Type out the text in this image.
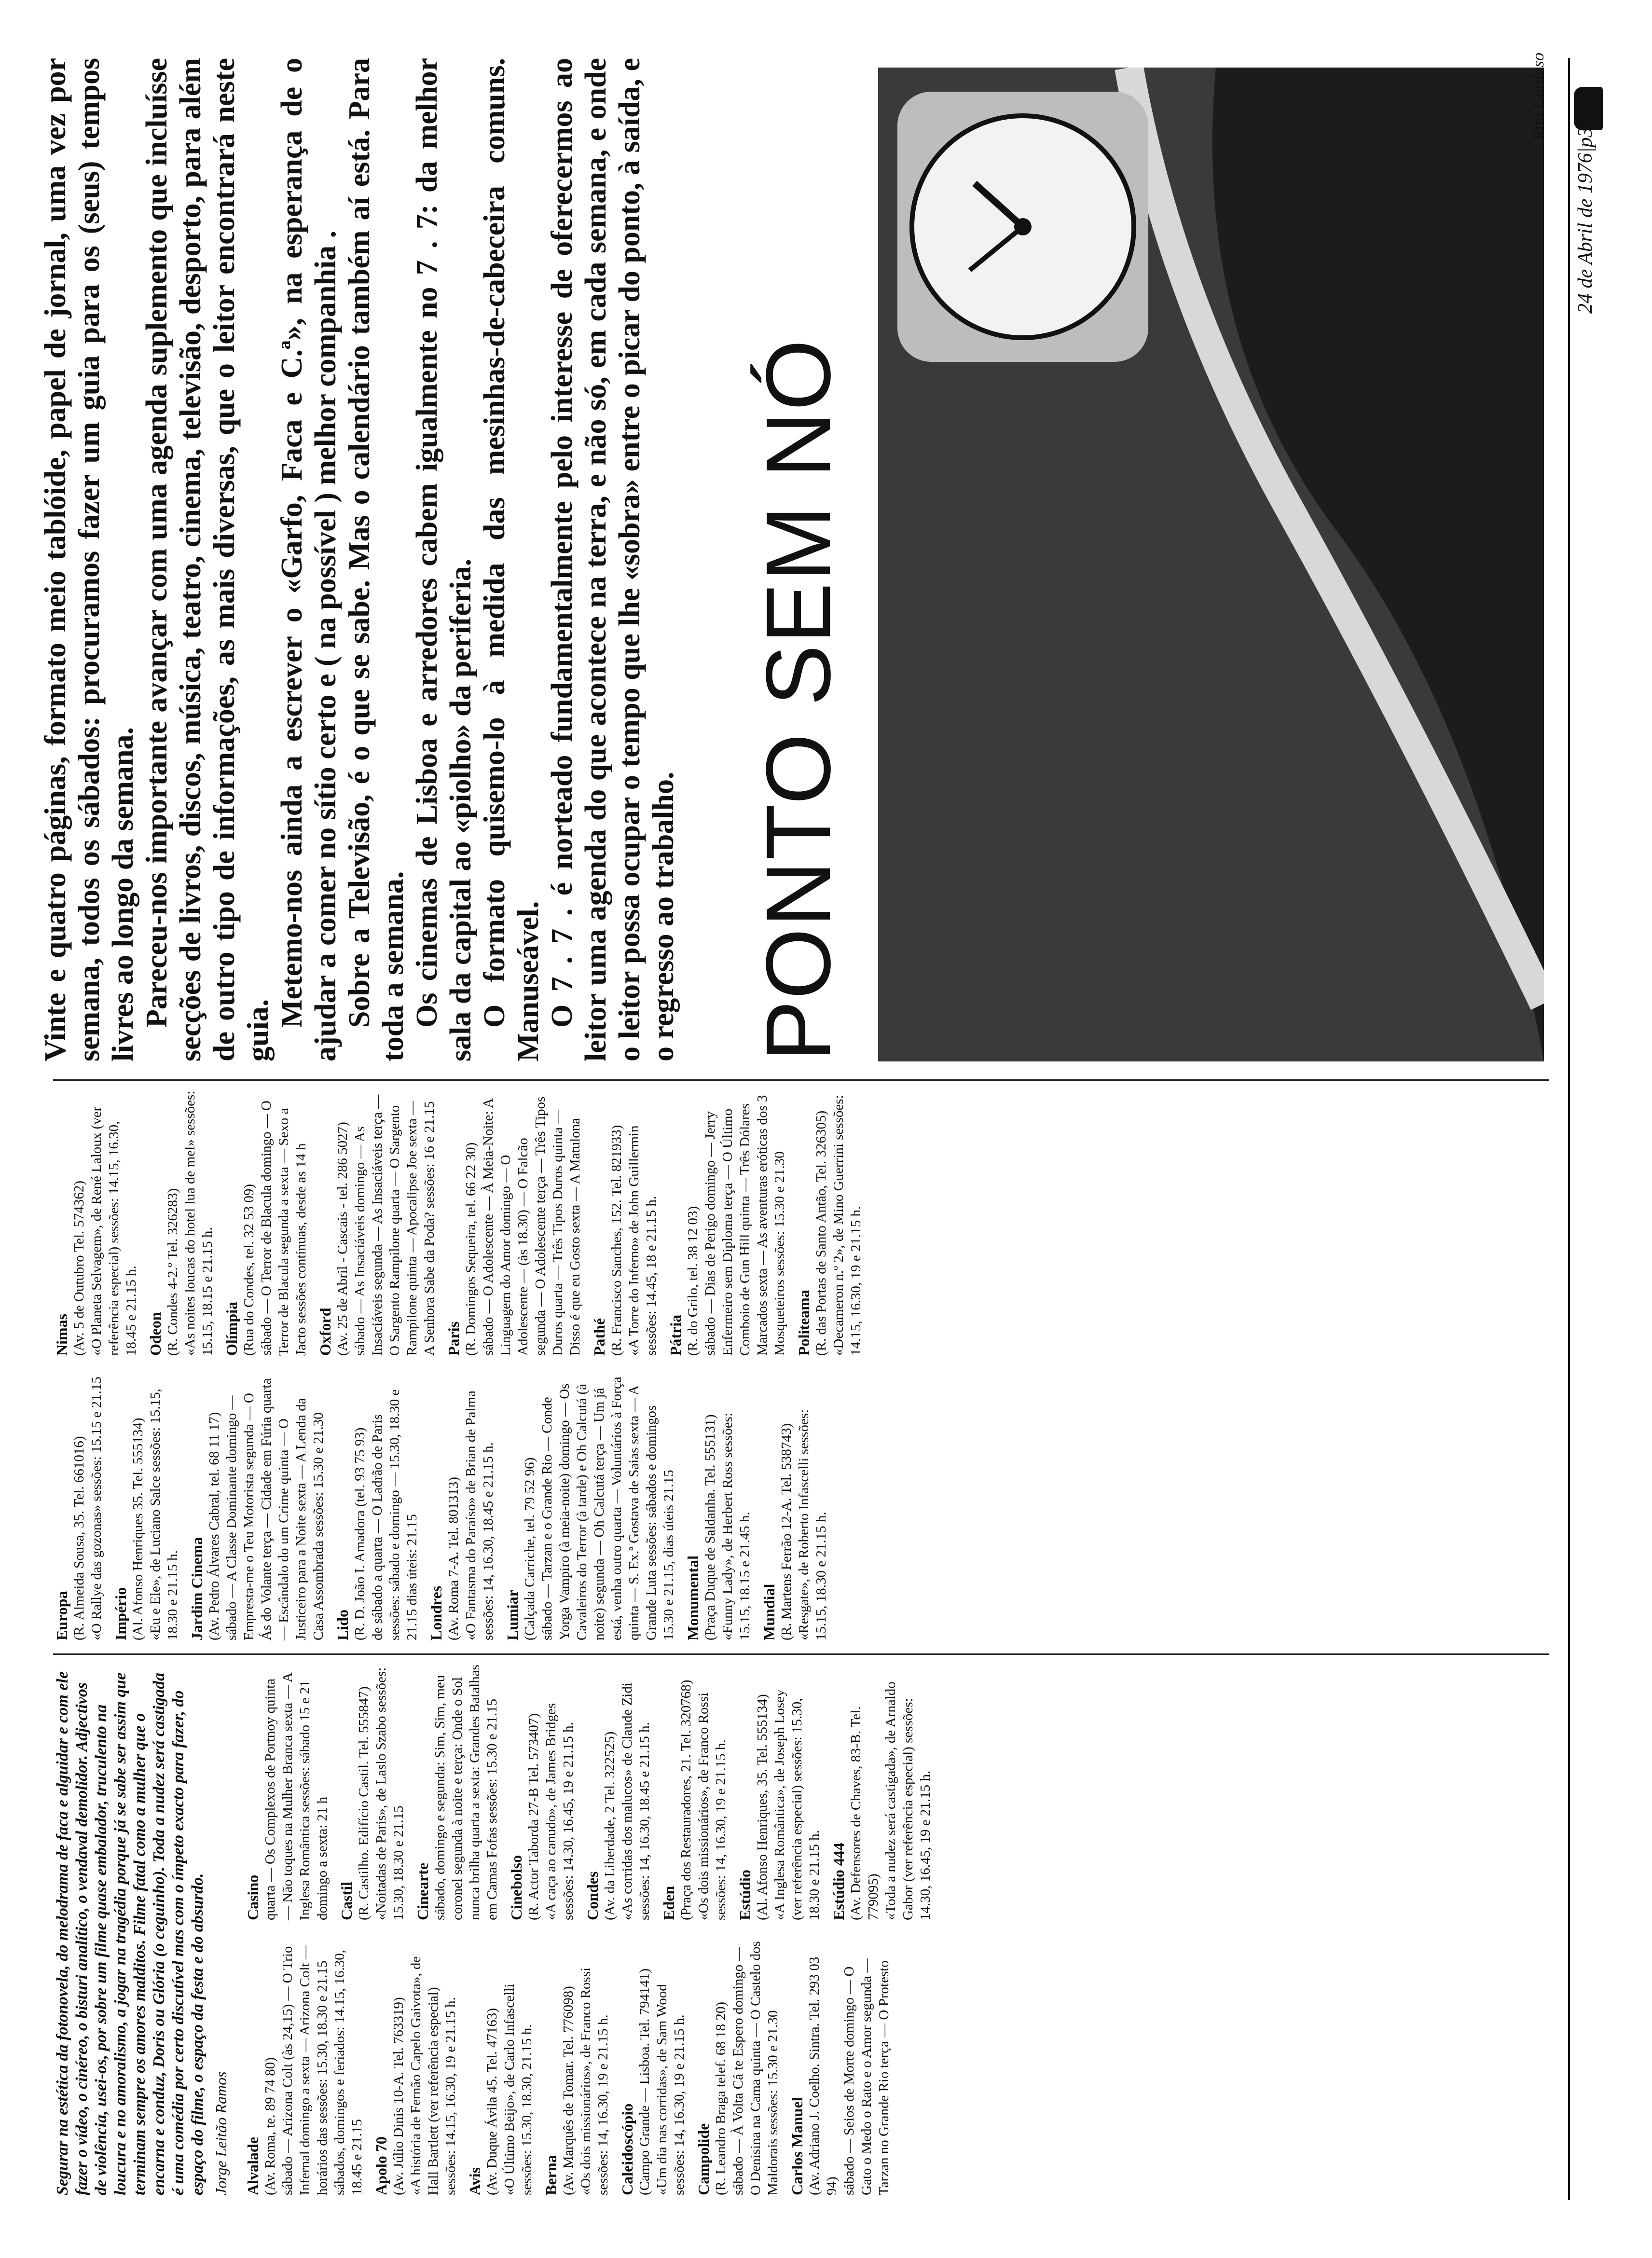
24 de Abril de 1976|p3
Segurar na estética da fotonovela, do melodrama de faca e alguidar e com ele fazer o vídeo, o cinéreo, o bisturi analítico, o vendaval demolidor. Adjectivos de violência, usei-os, por sobre um filme quase embalador, truculento na loucura e no amoralismo, a jogar na tragédia porque já se sabe ser assim que terminam sempre os amores malditos. Filme fatal como a mulher que o encarna e conduz, Doris ou Glória (o ceguinho). Toda a nudez será castigada é uma comédia por certo discutível mas com o ímpeto exacto para fazer, do espaço do filme, o espaço da festa e do absurdo. Jorge Leitão Ramos Alvalade (Av. Roma, te. 89 74 80) sábado — Arizona Colt (às 24,15) — O Trio Infernal domingo a sexta — Arizona Colt — horários das sessões: 15.30, 18.30 e 21.15 sábados, domingos e feriados: 14.15, 16.30, 18.45 e 21.15 Apolo 70 (Av. Júlio Dinis 10-A. Tel. 763319) «A história de Fernão Capelo Gaivota», de Hall Bartlett (ver referência especial) sessões: 14.15, 16.30, 19 e 21.15 h. Avis (Av. Duque Ávila 45. Tel. 47163) «O Último Beijo», de Carlo Infascelli sessões: 15.30, 18.30, 21.15 h. Berna (Av. Marquês de Tomar. Tel. 776098) «Os dois missionários», de Franco Rossi sessões: 14, 16.30, 19 e 21.15 h. Caleidoscópio (Campo Grande — Lisboa. Tel. 794141) «Um dia nas corridas», de Sam Wood sessões: 14, 16.30, 19 e 21.15 h. Campolide (R. Leandro Braga telef. 68 18 20) sábado — À Volta Cá te Espero domingo — O Denisina na Cama quinta — O Castelo dos Maldorais sessões: 15.30 e 21.30 Carlos Manuel (Av. Adriano J. Coelho. Sintra. Tel. 293 03 94) sábado — Seios de Morte domingo — O Gato o Medo o Rato e o Amor segunda — Tarzan no Grande Rio terça — O Protesto
Casino quarta — Os Complexos de Portnoy quinta — Não toques na Mulher Branca sexta — A Inglesa Romântica sessões: sábado 15 e 21 domingo a sexta: 21 h Castil (R. Castilho. Edifício Castil. Tel. 555847) «Noitadas de Paris», de Laslo Szabo sessões: 15.30, 18.30 e 21.15 Cinearte sábado, domingo e segunda: Sim, Sim, meu coronel segunda à noite e terça: Onde o Sol nunca brilha quarta a sexta: Grandes Batalhas em Camas Fofas sessões: 15.30 e 21.15 Cinebolso (R. Actor Taborda 27-B Tel. 573407) «A caça ao canudo», de James Bridges sessões: 14.30, 16.45, 19 e 21.15 h. Condes (Av. da Liberdade, 2 Tel. 322525) «As corridas dos malucos» de Claude Zidi sessões: 14, 16.30, 18.45 e 21.15 h. Eden (Praça dos Restauradores, 21. Tel. 320768) «Os dois missionários», de Franco Rossi sessões: 14, 16.30, 19 e 21.15 h. Estúdio (Al. Afonso Henriques, 35. Tel. 555134) «A Inglesa Romântica», de Joseph Losey (ver referência especial) sessões: 15.30, 18.30 e 21.15 h. Estúdio 444 (Av. Defensores de Chaves, 83-B. Tel. 779095) «Toda a nudez será castigada», de Arnaldo Gabor (ver referência especial) sessões: 14.30, 16.45, 19 e 21.15 h.
Europa (R. Almeida Sousa, 35. Tel. 661016) «O Rallye das gozonas» sessões: 15.15 e 21.15 Império (Al. Afonso Henriques 35. Tel. 555134) «Eu e Ele», de Luciano Salce sessões: 15.15, 18.30 e 21.15 h. Jardim Cinema (Av. Pedro Álvares Cabral, tel. 68 11 17) sábado — A Classe Dominante domingo — Empresta-me o Teu Motorista segunda — O Ás do Volante terça — Cidade em Fúria quarta — Escândalo do um Crime quinta — O Justiceiro para a Noite sexta — A Lenda da Casa Assombrada sessões: 15.30 e 21.30 Lido (R. D. João I. Amadora (tel. 93 75 93) de sábado a quarta — O Ladrão de Paris sessões: sábado e domingo — 15.30, 18.30 e 21.15 dias úteis: 21.15 Londres (Av. Roma 7-A. Tel. 801313) «O Fantasma do Paraíso» de Brian de Palma sessões: 14, 16.30, 18.45 e 21.15 h. Lumiar (Calçada Carriche, tel. 79 52 96) sábado — Tarzan e o Grande Rio — Conde Yorga Vampiro (à meia-noite) domingo — Os Cavaleiros do Terror (à tarde) e Oh Calcutá (à noite) segunda — Oh Calcutá terça — Um já está, venha outro quarta — Voluntários à Força quinta — S. Ex.ª Gostava de Saias sexta — A Grande Luta sessões: sábados e domingos 15.30 e 21.15, dias úteis 21.15 Monumental (Praça Duque de Saldanha. Tel. 555131) «Funny Lady», de Herbert Ross sessões: 15.15, 18.15 e 21.45 h. Mundial (R. Martens Ferrão 12-A. Tel. 538743) «Resgate», de Roberto Infascelli sessões: 15.15, 18.30 e 21.15 h.
Nimas (Av. 5 de Outubro Tel. 574362) «O Planeta Selvagem», de René Laloux (ver referência especial) sessões: 14.15, 16.30, 18.45 e 21.15 h. Odeon (R. Condes 4-2.º Tel. 326283) «As noites loucas do hotel lua de mel» sessões: 15.15, 18.15 e 21.15 h. Olímpia (Rua do Condes, tel. 32 53 09) sábado — O Terror de Blacula domingo — O Terror de Blacula segunda a sexta — Sexo a Jacto sessões contínuas, desde as 14 h Oxford (Av. 25 de Abril - Cascais - tel. 286 5027) sábado — As Insaciáveis domingo — As Insaciáveis segunda — As Insaciáveis terça — O Sargento Rampilone quarta — O Sargento Rampilone quinta — Apocalipse Joe sexta — A Senhora Sabe da Poda? sessões: 16 e 21.15 Paris (R. Domingos Sequeira, tel. 66 22 30) sábado — O Adolescente — À Meia-Noite: A Linguagem do Amor domingo — O Adolescente — (às 18.30) — O Falcão segunda — O Adolescente terça — Três Tipos Duros quarta — Três Tipos Duros quinta — Disso é que eu Gosto sexta — A Matulona Pathé (R. Francisco Sanches, 152. Tel. 821933) «A Torre do Inferno» de John Guillermin sessões: 14.45, 18 e 21.15 h. Pátria (R. do Grilo, tel. 38 12 03) sábado — Dias de Perigo domingo — Jerry Enfermeiro sem Diploma terça — O Último Comboio de Gun Hill quinta — Três Dólares Marcados sexta — As aventuras eróticas dos 3 Mosqueteiros sessões: 15.30 e 21.30 Politeama (R. das Portas de Santo Antão, Tel. 326305) «Decameron n.º 2», de Mino Guerrini sessões: 14.15, 16.30, 19 e 21.15 h.
Rita Cardoso
PONTO SEM NÓ

Vinte e quatro páginas, formato meio tablóide, papel de jornal, uma vez por semana, todos os sábados: procuramos fazer um guia para os (seus) tempos livres ao longo da semana. Pareceu-nos importante avançar com uma agenda suplemento que incluísse secções de livros, discos, música, teatro, cinema, televisão, desporto, para além de outro tipo de informações, as mais diversas, que o leitor encontrará neste guia.

Metemo-nos ainda a escrever o «Garfo, Faca e C.ª», na esperança de o ajudar a comer no sítio certo e ( na possível ) melhor companhia . Sobre a Televisão, é o que se sabe. Mas o calendário também aí está. Para toda a semana. Os cinemas de Lisboa e arredores cabem igualmente no 7 . 7: da melhor sala da capital ao «piolho» da periferia. O formato quisemo-lo à medida das mesinhas-de-cabeceira comuns. Manuseável. O 7 . 7 . é norteado fundamentalmente pelo interesse de oferecermos ao leitor uma agenda do que acontece na terra, e não só, em cada semana, e onde o leitor possa ocupar o tempo que lhe «sobra» entre o picar do ponto, à saída, e o regresso ao trabalho.
